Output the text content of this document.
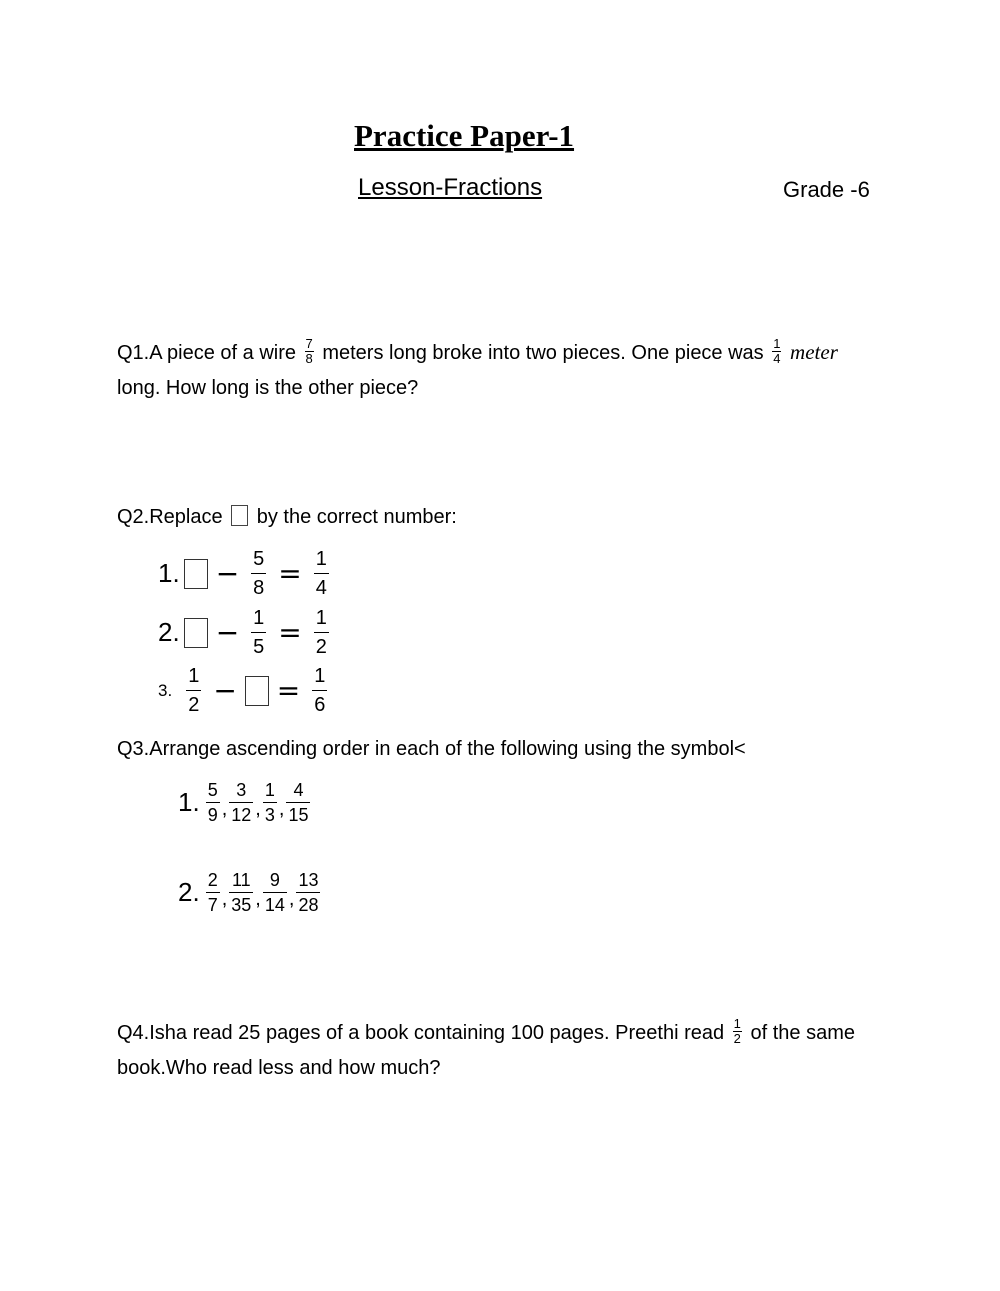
Practice Paper-1
Lesson-Fractions	Grade -6
Q1.A piece of a wire $\frac{7}{8}$ meters long broke into two pieces. One piece was $\frac{1}{4}$ meter
long. How long is the other piece?
Q2.Replace by the correct number:
1. − $\frac{5}{8} = \frac{1}{4}$
2. − $\frac{1}{5} = \frac{1}{2}$
3. $\frac{1}{2}$ − = $\frac{1}{6}$
Q3.Arrange ascending order in each of the following using the symbol<
1. $\frac{5}{9}$ , $\frac{3}{12}$ , $\frac{1}{3}$ , $\frac{4}{15}$
2. $\frac{2}{7}$ , $\frac{11}{35}$ , $\frac{9}{14}$ , $\frac{13}{28}$
Q4.Isha read 25 pages of a book containing 100 pages. Preethi read $\frac{1}{2}$ of the same
book.Who read less and how much?
